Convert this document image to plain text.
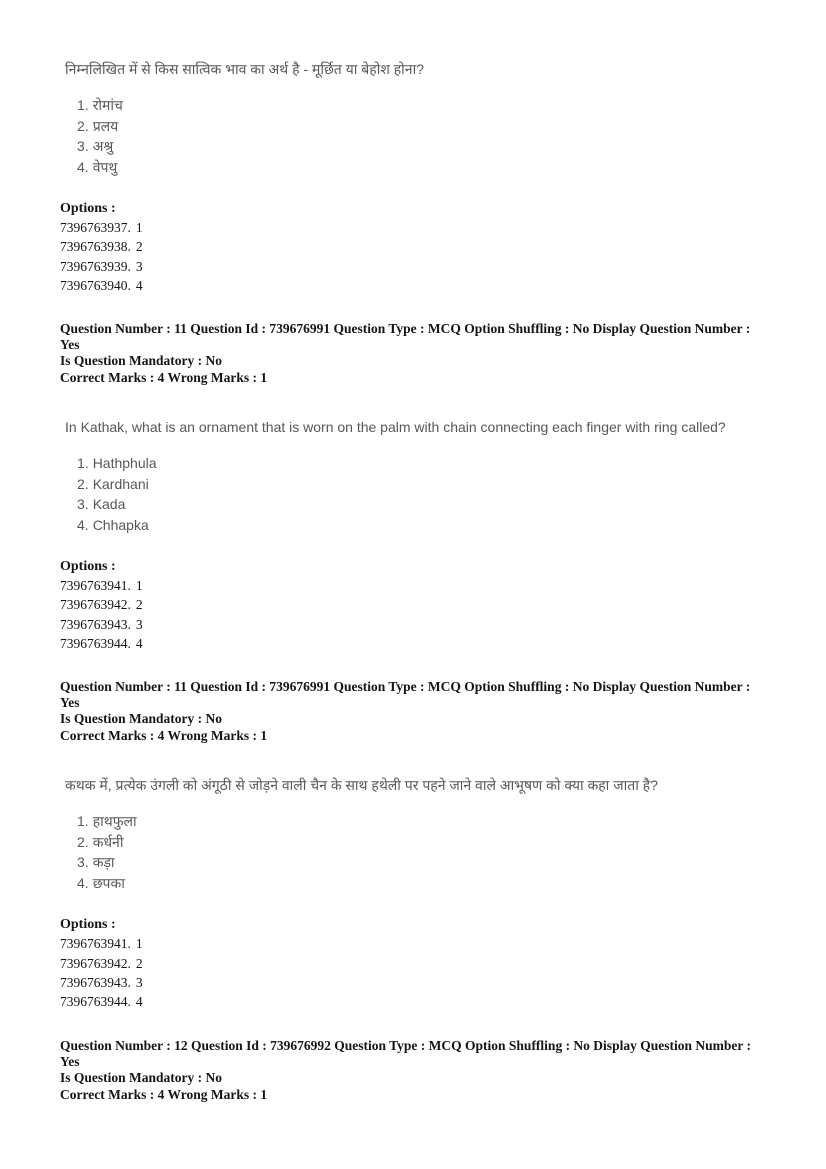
निम्नलिखित में से किस सात्विक भाव का अर्थ है - मूर्छित या बेहोश होना?

1. रोमांच
2. प्रलय
3. अश्रु
4. वेपथु

Options :

7396763937. 1
7396763938. 2
7396763939. 3
7396763940. 4
Question Number : 11 Question Id : 739676991 Question Type : MCQ Option Shuffling : No Display Question Number : Yes
Is Question Mandatory : No
Correct Marks : 4 Wrong Marks : 1

In Kathak, what is an ornament that is worn on the palm with chain connecting each finger with ring called?

1. Hathphula
2. Kardhani
3. Kada
4. Chhapka

Options :

7396763941. 1
7396763942. 2
7396763943. 3
7396763944. 4
Question Number : 11 Question Id : 739676991 Question Type : MCQ Option Shuffling : No Display Question Number : Yes
Is Question Mandatory : No
Correct Marks : 4 Wrong Marks : 1

कथक में, प्रत्येक उंगली को अंगूठी से जोड़ने वाली चैन के साथ हथेली पर पहने जाने वाले आभूषण को क्या कहा जाता है?

1. हाथफुला
2. कर्धनी
3. कड़ा
4. छपका

Options :

7396763941. 1
7396763942. 2
7396763943. 3
7396763944. 4
Question Number : 12 Question Id : 739676992 Question Type : MCQ Option Shuffling : No Display Question Number : Yes
Is Question Mandatory : No
Correct Marks : 4 Wrong Marks : 1
